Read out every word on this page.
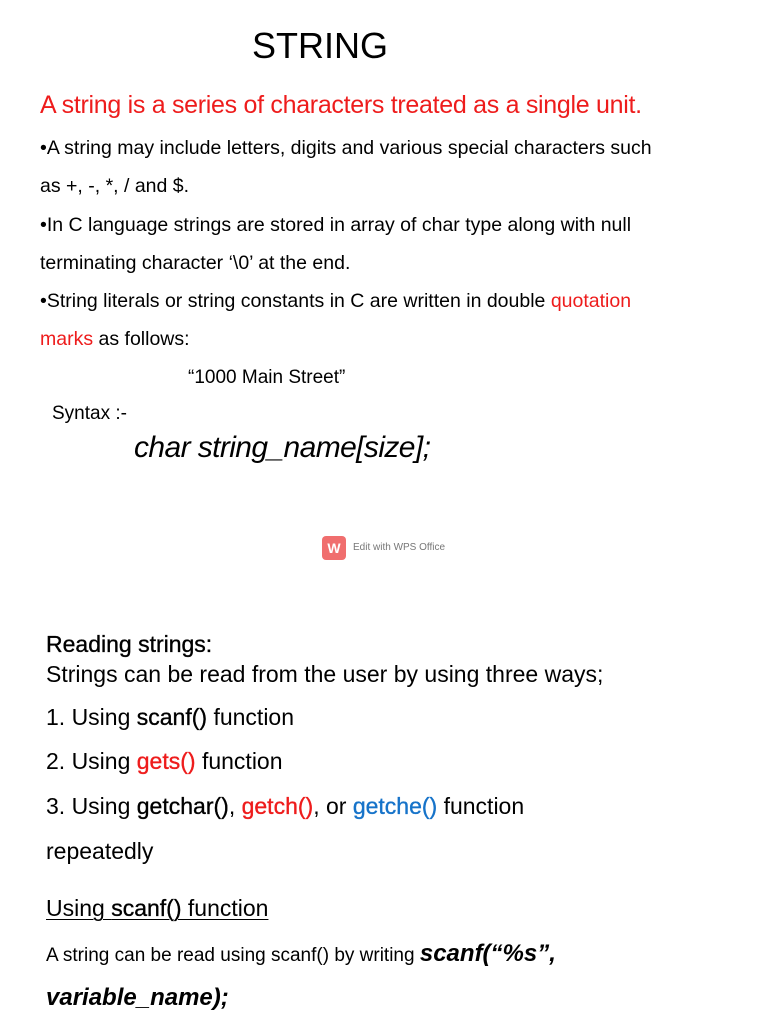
STRING
A string is a series of characters treated as a single unit.
•A string may include letters, digits and various special characters such
as +, -, *, / and $.
•In C language strings are stored in array of char type along with null
terminating character ‘\0’ at the end.
•String literals or string constants in C are written in double quotation
marks as follows:
“1000 Main Street”
Syntax :-
char string_name[size];
W	Edit with WPS Office
Reading strings:
Strings can be read from the user by using three ways;
1. Using scanf() function
2. Using gets() function
3. Using getchar(), getch(), or getche() function
repeatedly
Using scanf() function
A string can be read using scanf() by writing scanf(“%s”,
variable_name);
